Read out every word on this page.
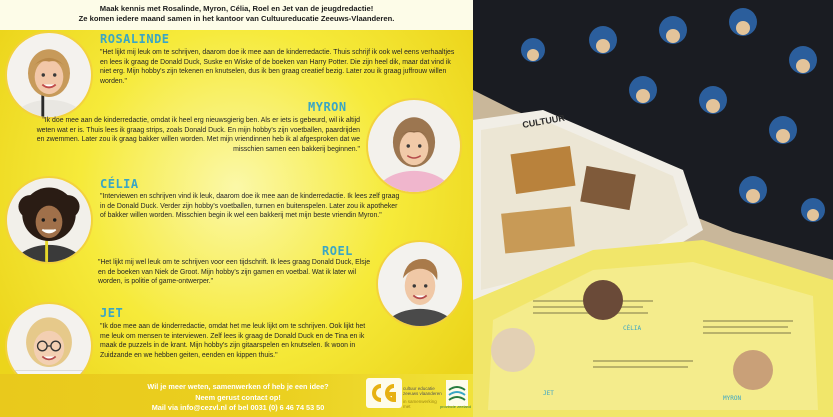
Maak kennis met Rosalinde, Myron, Célia, Roel en Jet van de jeugdredactie!
Ze komen iedere maand samen in het kantoor van Cultuureducatie Zeeuws-Vlaanderen.
ROSALINDE
"Het lijkt mij leuk om te schrijven, daarom doe ik mee aan de kinderredactie. Thuis schrijf ik ook wel eens verhaaltjes en lees ik graag de Donald Duck, Suske en Wiske of de boeken van Harry Potter. Die zijn heel dik, maar dat vind ik niet erg. Mijn hobby's zijn tekenen en knutselen, dus ik ben graag creatief bezig. Later zou ik graag juffrouw willen worden."
MYRON
"Ik doe mee aan de kinderredactie, omdat ik heel erg nieuwsgierig ben. Als er iets is gebeurd, wil ik altijd weten wat er is. Thuis lees ik graag strips, zoals Donald Duck. En mijn hobby's zijn voetballen, paardrijden en zwemmen. Later zou ik graag bakker willen worden. Met mijn vriendinnen heb ik al afgesproken dat we misschien samen een bakkerij beginnen."
CÉLIA
"Interviewen en schrijven vind ik leuk, daarom doe ik mee aan de kinderredactie. Ik lees zelf graag in de Donald Duck. Verder zijn hobby's voetballen, turnen en buitenspelen. Later zou ik apotheker of bakker willen worden. Misschien begin ik wel een bakkerij met mijn beste vriendin Myron."
ROEL
"Het lijkt mij wel leuk om te schrijven voor een tijdschrift. Ik lees graag Donald Duck, Elsje en de boeken van Niek de Groot. Mijn hobby's zijn gamen en voetbal. Wat ik later wil worden, is politie of game-ontwerper."
JET
"Ik doe mee aan de kinderredactie, omdat het me leuk lijkt om te schrijven. Ook lijkt het me leuk om mensen te interviewen. Zelf lees ik graag de Donald Duck en de Tina en ik maak de puzzels in de krant. Mijn hobby's zijn gitaarspelen en knutselen. Ik woon in Zuidzande en we hebben geiten, eenden en kippen thuis."
Wil je meer weten, samenwerken of heb je een idee?
Neem gerust contact op!
Mail via info@cezvl.nl of bel 0031 (0) 6 46 74 53 50
cultuur educatie zeeuws vlaanderen
in samenwerking met	provincie zeeland
CULTUUR
CÉLIA
JET
MYRON
